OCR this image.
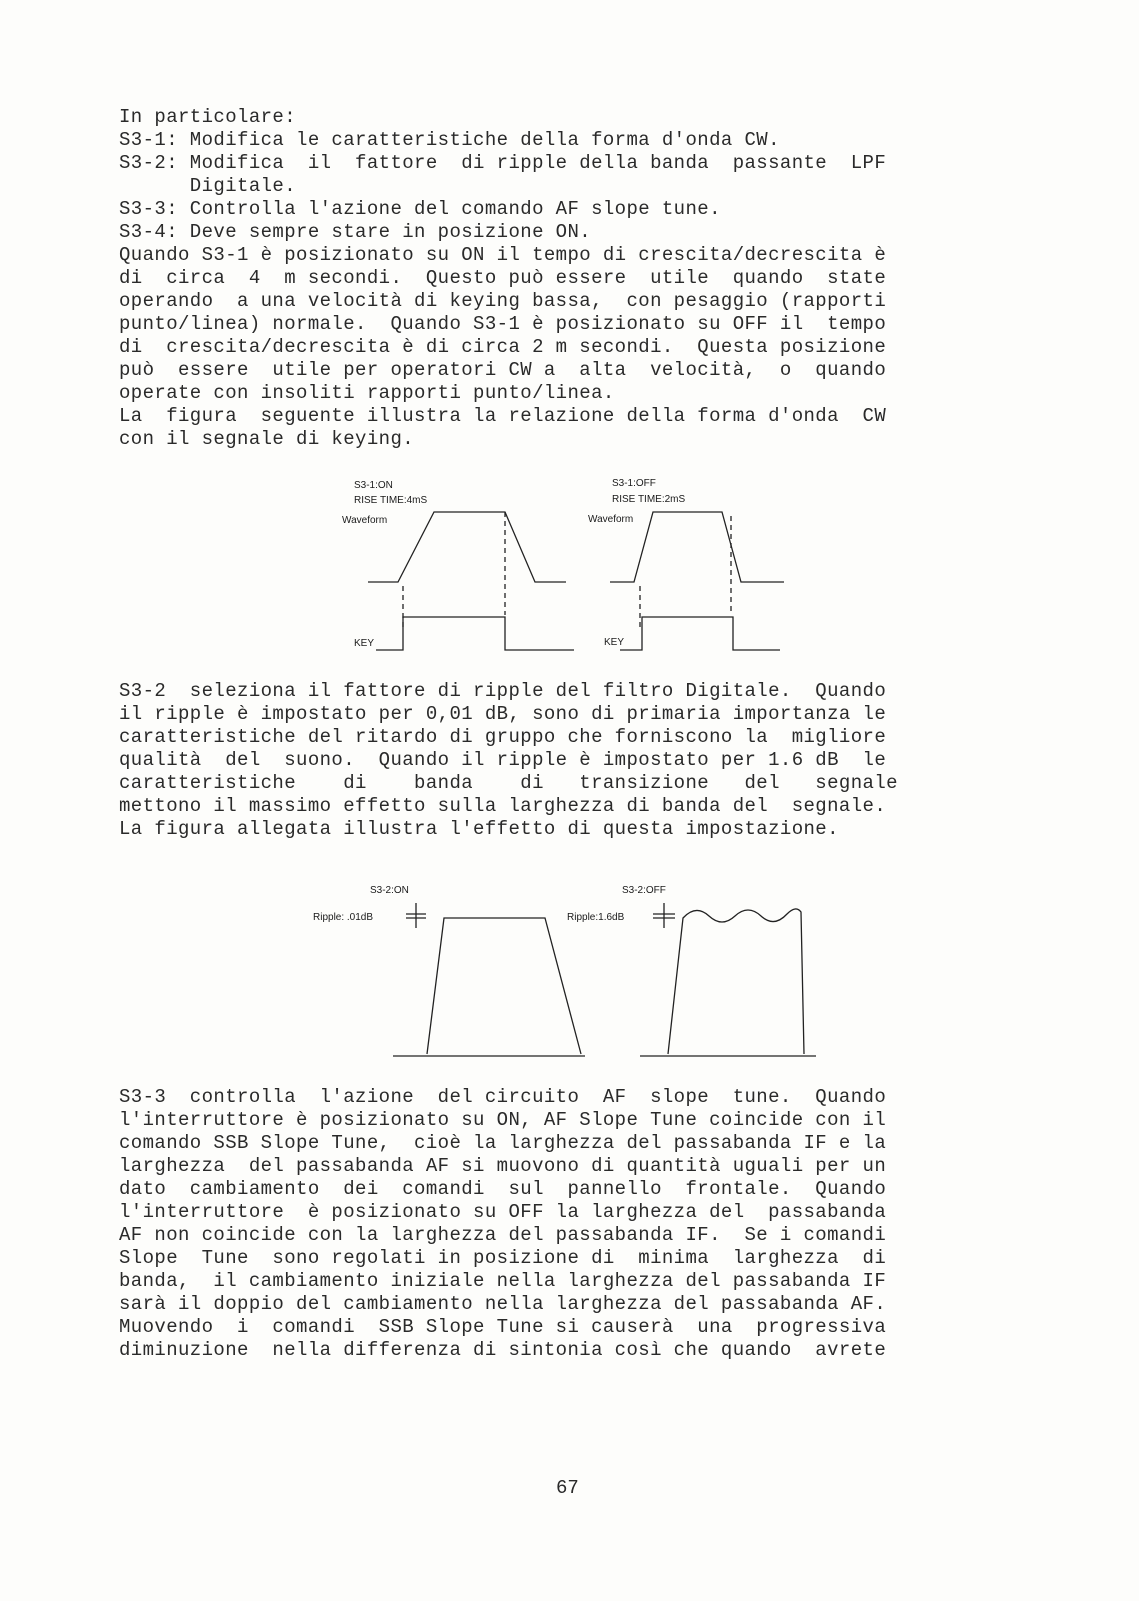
In particolare:
S3-1: Modifica le caratteristiche della forma d'onda CW.
S3-2: Modifica  il  fattore  di ripple della banda  passante  LPF
Digitale.
S3-3: Controlla l'azione del comando AF slope tune.
S3-4: Deve sempre stare in posizione ON.
Quando S3-1 è posizionato su ON il tempo di crescita/decrescita è
di  circa  4  m secondi.  Questo può essere  utile  quando  state
operando  a una velocità di keying bassa,  con pesaggio (rapporti
punto/linea) normale.  Quando S3-1 è posizionato su OFF il  tempo
di  crescita/decrescita è di circa 2 m secondi.  Questa posizione
può  essere  utile per operatori CW a  alta  velocità,  o  quando
operate con insoliti rapporti punto/linea.
La  figura  seguente illustra la relazione della forma d'onda  CW
con il segnale di keying.
S3-1:ON
RISE TIME:4mS
Waveform
KEY
S3-1:OFF
RISE TIME:2mS
Waveform
KEY
S3-2  seleziona il fattore di ripple del filtro Digitale.  Quando
il ripple è impostato per 0,01 dB, sono di primaria importanza le
caratteristiche del ritardo di gruppo che forniscono la  migliore
qualità  del  suono.  Quando il ripple è impostato per 1.6 dB  le
caratteristiche    di    banda    di   transizione   del   segnale
mettono il massimo effetto sulla larghezza di banda del  segnale.
La figura allegata illustra l'effetto di questa impostazione.
S3-2:ON
Ripple: .01dB
S3-2:OFF
Ripple:1.6dB
S3-3  controlla  l'azione  del circuito  AF  slope  tune.  Quando
l'interruttore è posizionato su ON, AF Slope Tune coincide con il
comando SSB Slope Tune,  cioè la larghezza del passabanda IF e la
larghezza  del passabanda AF si muovono di quantità uguali per un
dato  cambiamento  dei  comandi  sul  pannello  frontale.  Quando
l'interruttore  è posizionato su OFF la larghezza del  passabanda
AF non coincide con la larghezza del passabanda IF.  Se i comandi
Slope  Tune  sono regolati in posizione di  minima  larghezza  di
banda,  il cambiamento iniziale nella larghezza del passabanda IF
sarà il doppio del cambiamento nella larghezza del passabanda AF.
Muovendo  i  comandi  SSB Slope Tune si causerà  una  progressiva
diminuzione  nella differenza di sintonia così che quando  avrete
67
